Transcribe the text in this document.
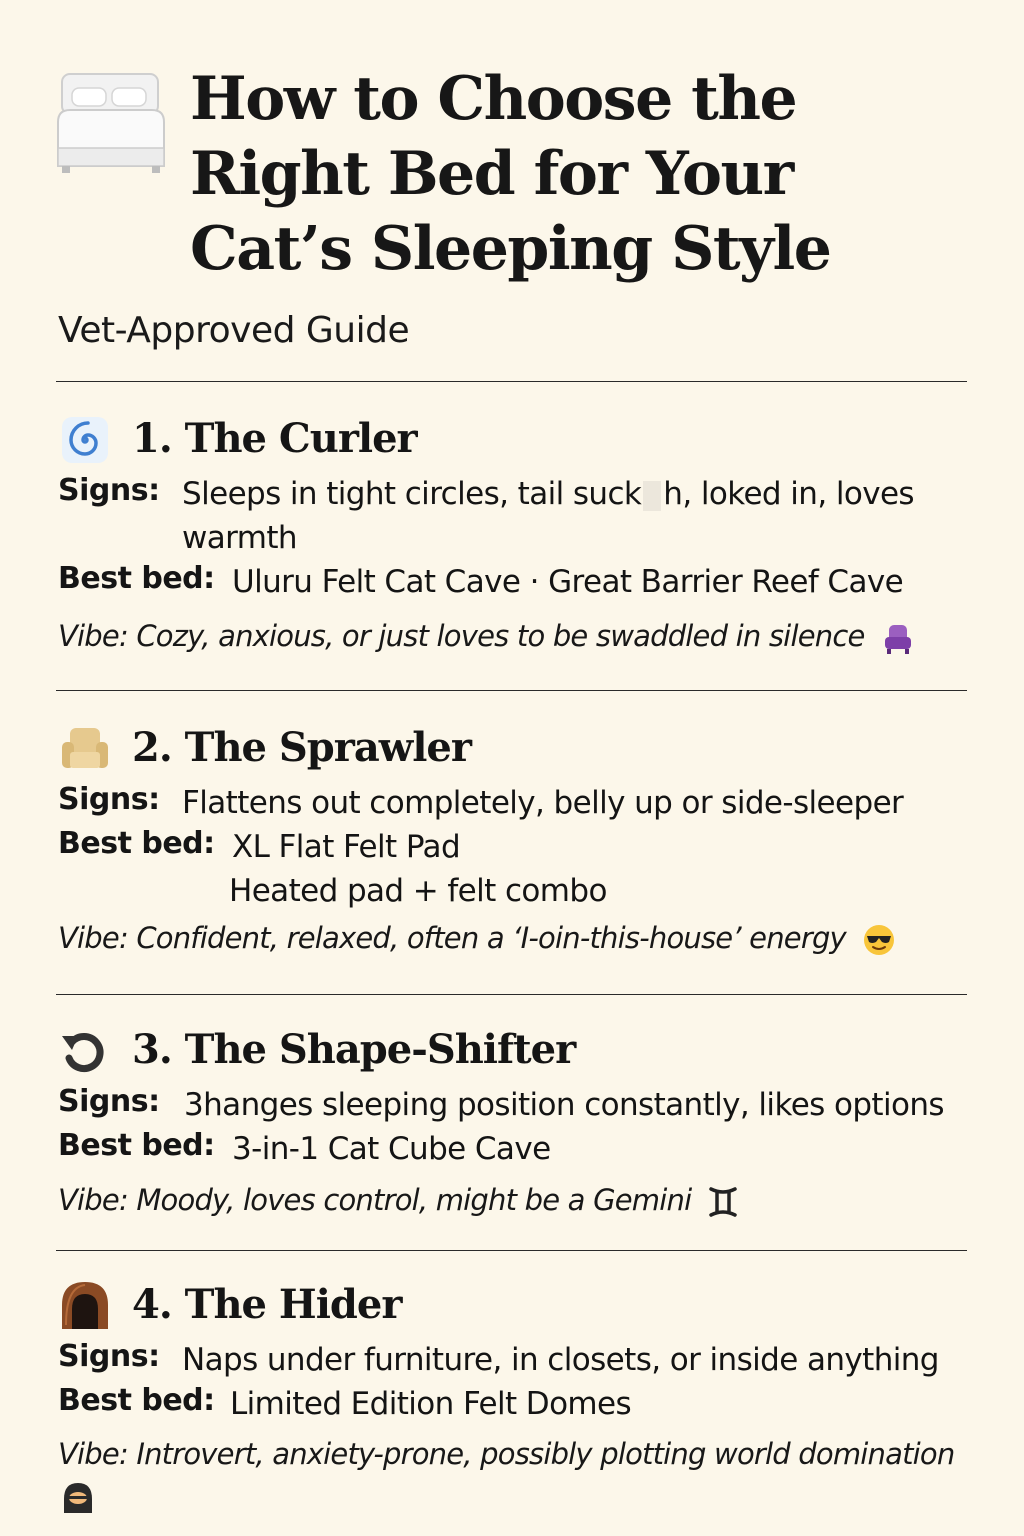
How to Choose the Right Bed for Your Cat’s Sleeping Style
Vet-Approved Guide
1. The Curler
Signs: Sleeps in tight circles, tail suck h, loked in, loves
warmth
Best bed: Uluru Felt Cat Cave · Great Barrier Reef Cave
Vibe: Cozy, anxious, or just loves to be swaddled in silence
2. The Sprawler
Signs: Flattens out completely, belly up or side-sleeper
Best bed: XL Flat Felt Pad
Heated pad + felt combo
Vibe: Confident, relaxed, often a ‘I-oin-this-house’ energy
3. The Shape-Shifter
Signs: 3hanges sleeping position constantly, likes options
Best bed: 3-in-1 Cat Cube Cave
Vibe: Moody, loves control, might be a Gemini
4. The Hider
Signs: Naps under furniture, in closets, or inside anything
Best bed: Limited Edition Felt Domes
Vibe: Introvert, anxiety-prone, possibly plotting world domination
